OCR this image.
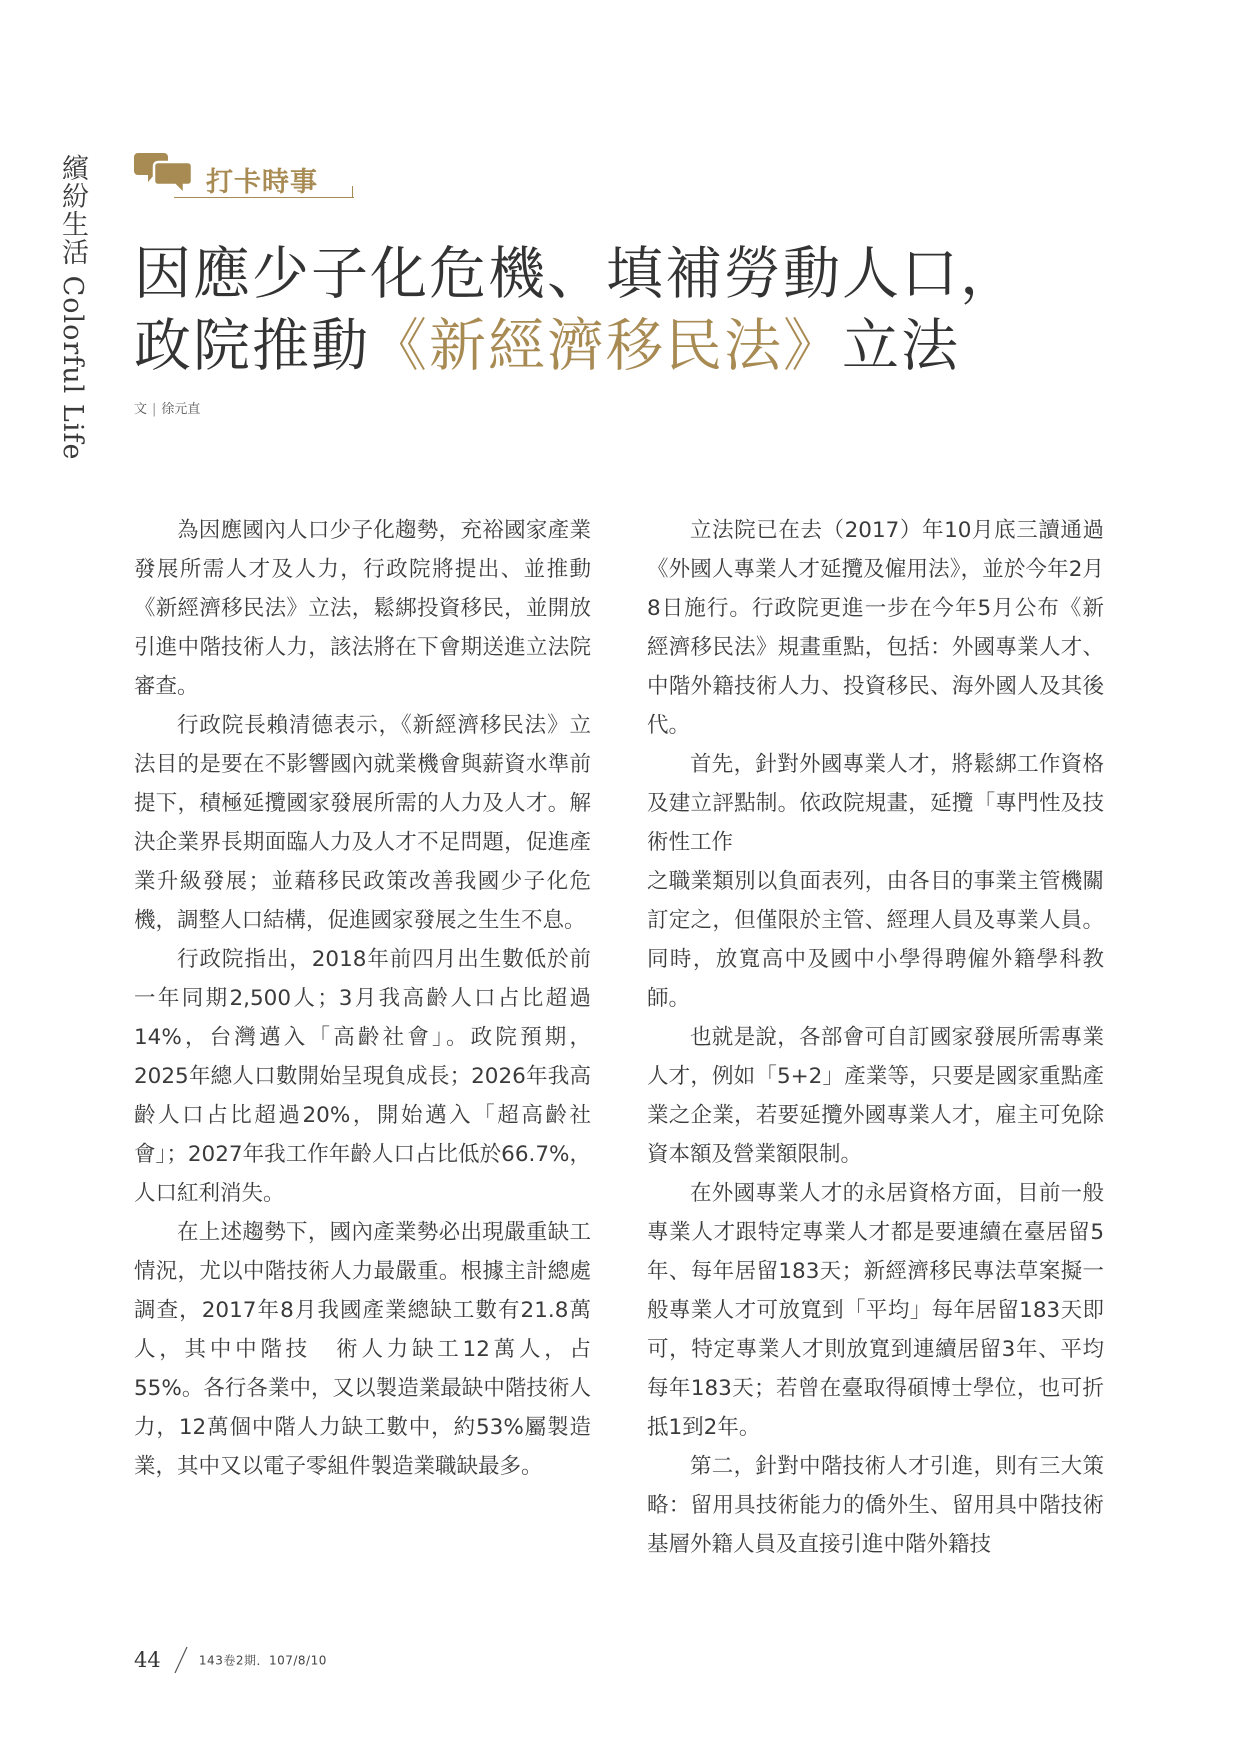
繽紛生活 Colorful Life	打卡時事
因應少子化危機、填補勞動人口，
政院推動《新經濟移民法》立法
文 | 徐元直

為因應國內人口少子化趨勢，充裕國家產業發展所需人才及人力，行政院將提出、並推動《新經濟移民法》立法，鬆綁投資移民，並開放引進中階技術人力，該法將在下會期送進立法院審查。

行政院長賴清德表示，《新經濟移民法》立法目的是要在不影響國內就業機會與薪資水準前提下，積極延攬國家發展所需的人力及人才。解決企業界長期面臨人力及人才不足問題，促進產業升級發展；並藉移民政策改善我國少子化危機，調整人口結構，促進國家發展之生生不息。

行政院指出，2018年前四月出生數低於前一年同期2,500人；3月我高齡人口占比超過14%，台灣邁入「高齡社會」。政院預期，2025年總人口數開始呈現負成長；2026年我高齡人口占比超過20%，開始邁入「超高齡社會」；2027年我工作年齡人口占比低於66.7%，人口紅利消失。

在上述趨勢下，國內產業勢必出現嚴重缺工情況，尤以中階技術人力最嚴重。根據主計總處調查，2017年8月我國產業總缺工數有21.8萬人，其中中階技　術人力缺工12萬人，占55%。各行各業中，又以製造業最缺中階技術人力，12萬個中階人力缺工數中，約53%屬製造業，其中又以電子零組件製造業職缺最多。

立法院已在去（2017）年10月底三讀通過《外國人專業人才延攬及僱用法》，並於今年2月8日施行。行政院更進一步在今年5月公布《新經濟移民法》規畫重點，包括：外國專業人才、中階外籍技術人力、投資移民、海外國人及其後代。

首先，針對外國專業人才，將鬆綁工作資格及建立評點制。依政院規畫，延攬「專門性及技術性工作

之職業類別以負面表列，由各目的事業主管機關訂定之，但僅限於主管、經理人員及專業人員。同時，放寬高中及國中小學得聘僱外籍學科教師。

也就是說，各部會可自訂國家發展所需專業人才，例如「5+2」產業等，只要是國家重點產業之企業，若要延攬外國專業人才，雇主可免除資本額及營業額限制。

在外國專業人才的永居資格方面，目前一般專業人才跟特定專業人才都是要連續在臺居留5年、每年居留183天；新經濟移民專法草案擬一般專業人才可放寬到「平均」每年居留183天即可，特定專業人才則放寬到連續居留3年、平均每年183天；若曾在臺取得碩博士學位，也可折抵1到2年。

第二，針對中階技術人才引進，則有三大策略：留用具技術能力的僑外生、留用具中階技術基層外籍人員及直接引進中階外籍技

44	143卷2期．107/8/10
